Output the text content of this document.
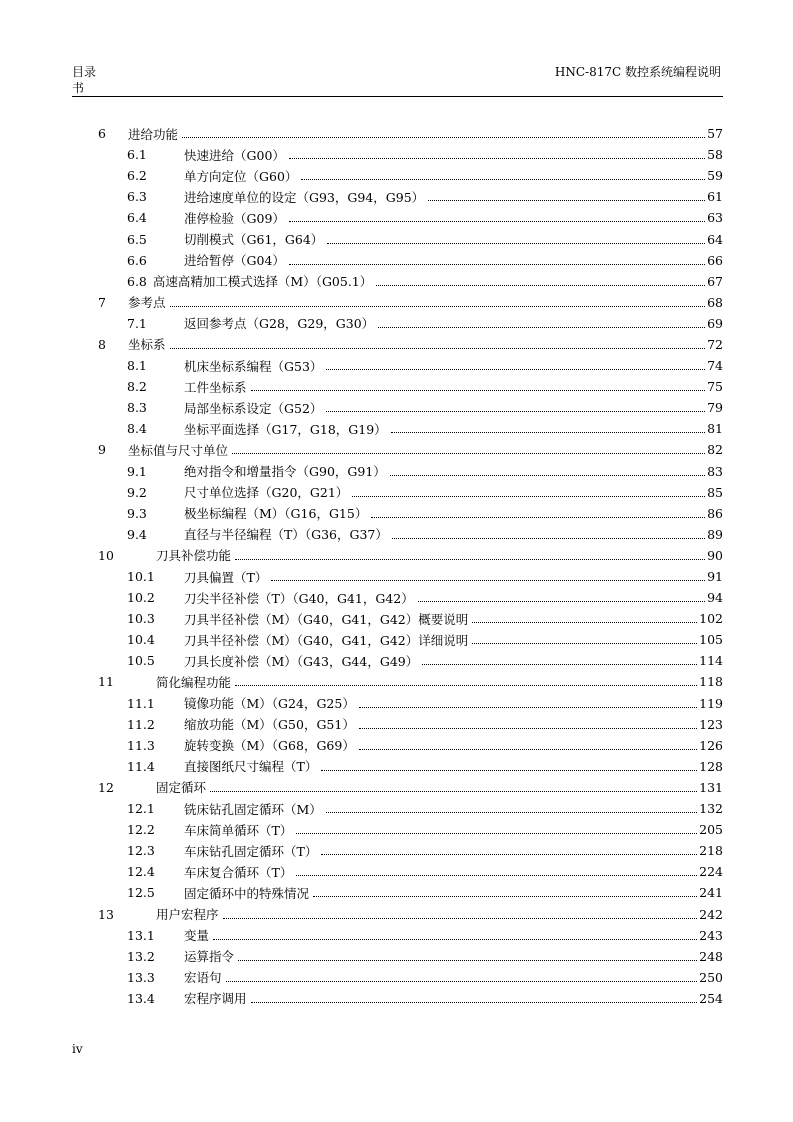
目录
书
HNC-817C 数控系统编程说明
6	进给功能	57
6.1	快速进给（G00）	58
6.2	单方向定位（G60）	59
6.3	进给速度单位的设定（G93，G94，G95）	61
6.4	准停检验（G09）	63
6.5	切削模式（G61，G64）	64
6.6	进给暂停（G04）	66
6.8 高速高精加工模式选择（M）（G05.1）	67
7	参考点	68
7.1	返回参考点（G28，G29，G30）	69
8	坐标系	72
8.1	机床坐标系编程（G53）	74
8.2	工件坐标系	75
8.3	局部坐标系设定（G52）	79
8.4	坐标平面选择（G17，G18，G19）	81
9	坐标值与尺寸单位	82
9.1	绝对指令和增量指令（G90，G91）	83
9.2	尺寸单位选择（G20，G21）	85
9.3	极坐标编程（M）（G16，G15）	86
9.4	直径与半径编程（T）（G36，G37）	89
10	刀具补偿功能	90
10.1	刀具偏置（T）	91
10.2	刀尖半径补偿（T）（G40，G41，G42）	94
10.3	刀具半径补偿（M）（G40，G41，G42）概要说明	102
10.4	刀具半径补偿（M）（G40，G41，G42）详细说明	105
10.5	刀具长度补偿（M）（G43，G44，G49）	114
11	简化编程功能	118
11.1	镜像功能（M）（G24，G25）	119
11.2	缩放功能（M）（G50，G51）	123
11.3	旋转变换（M）（G68，G69）	126
11.4	直接图纸尺寸编程（T）	128
12	固定循环	131
12.1	铣床钻孔固定循环（M）	132
12.2	车床简单循环（T）	205
12.3	车床钻孔固定循环（T）	218
12.4	车床复合循环（T）	224
12.5	固定循环中的特殊情况	241
13	用户宏程序	242
13.1	变量	243
13.2	运算指令	248
13.3	宏语句	250
13.4	宏程序调用	254
iv
